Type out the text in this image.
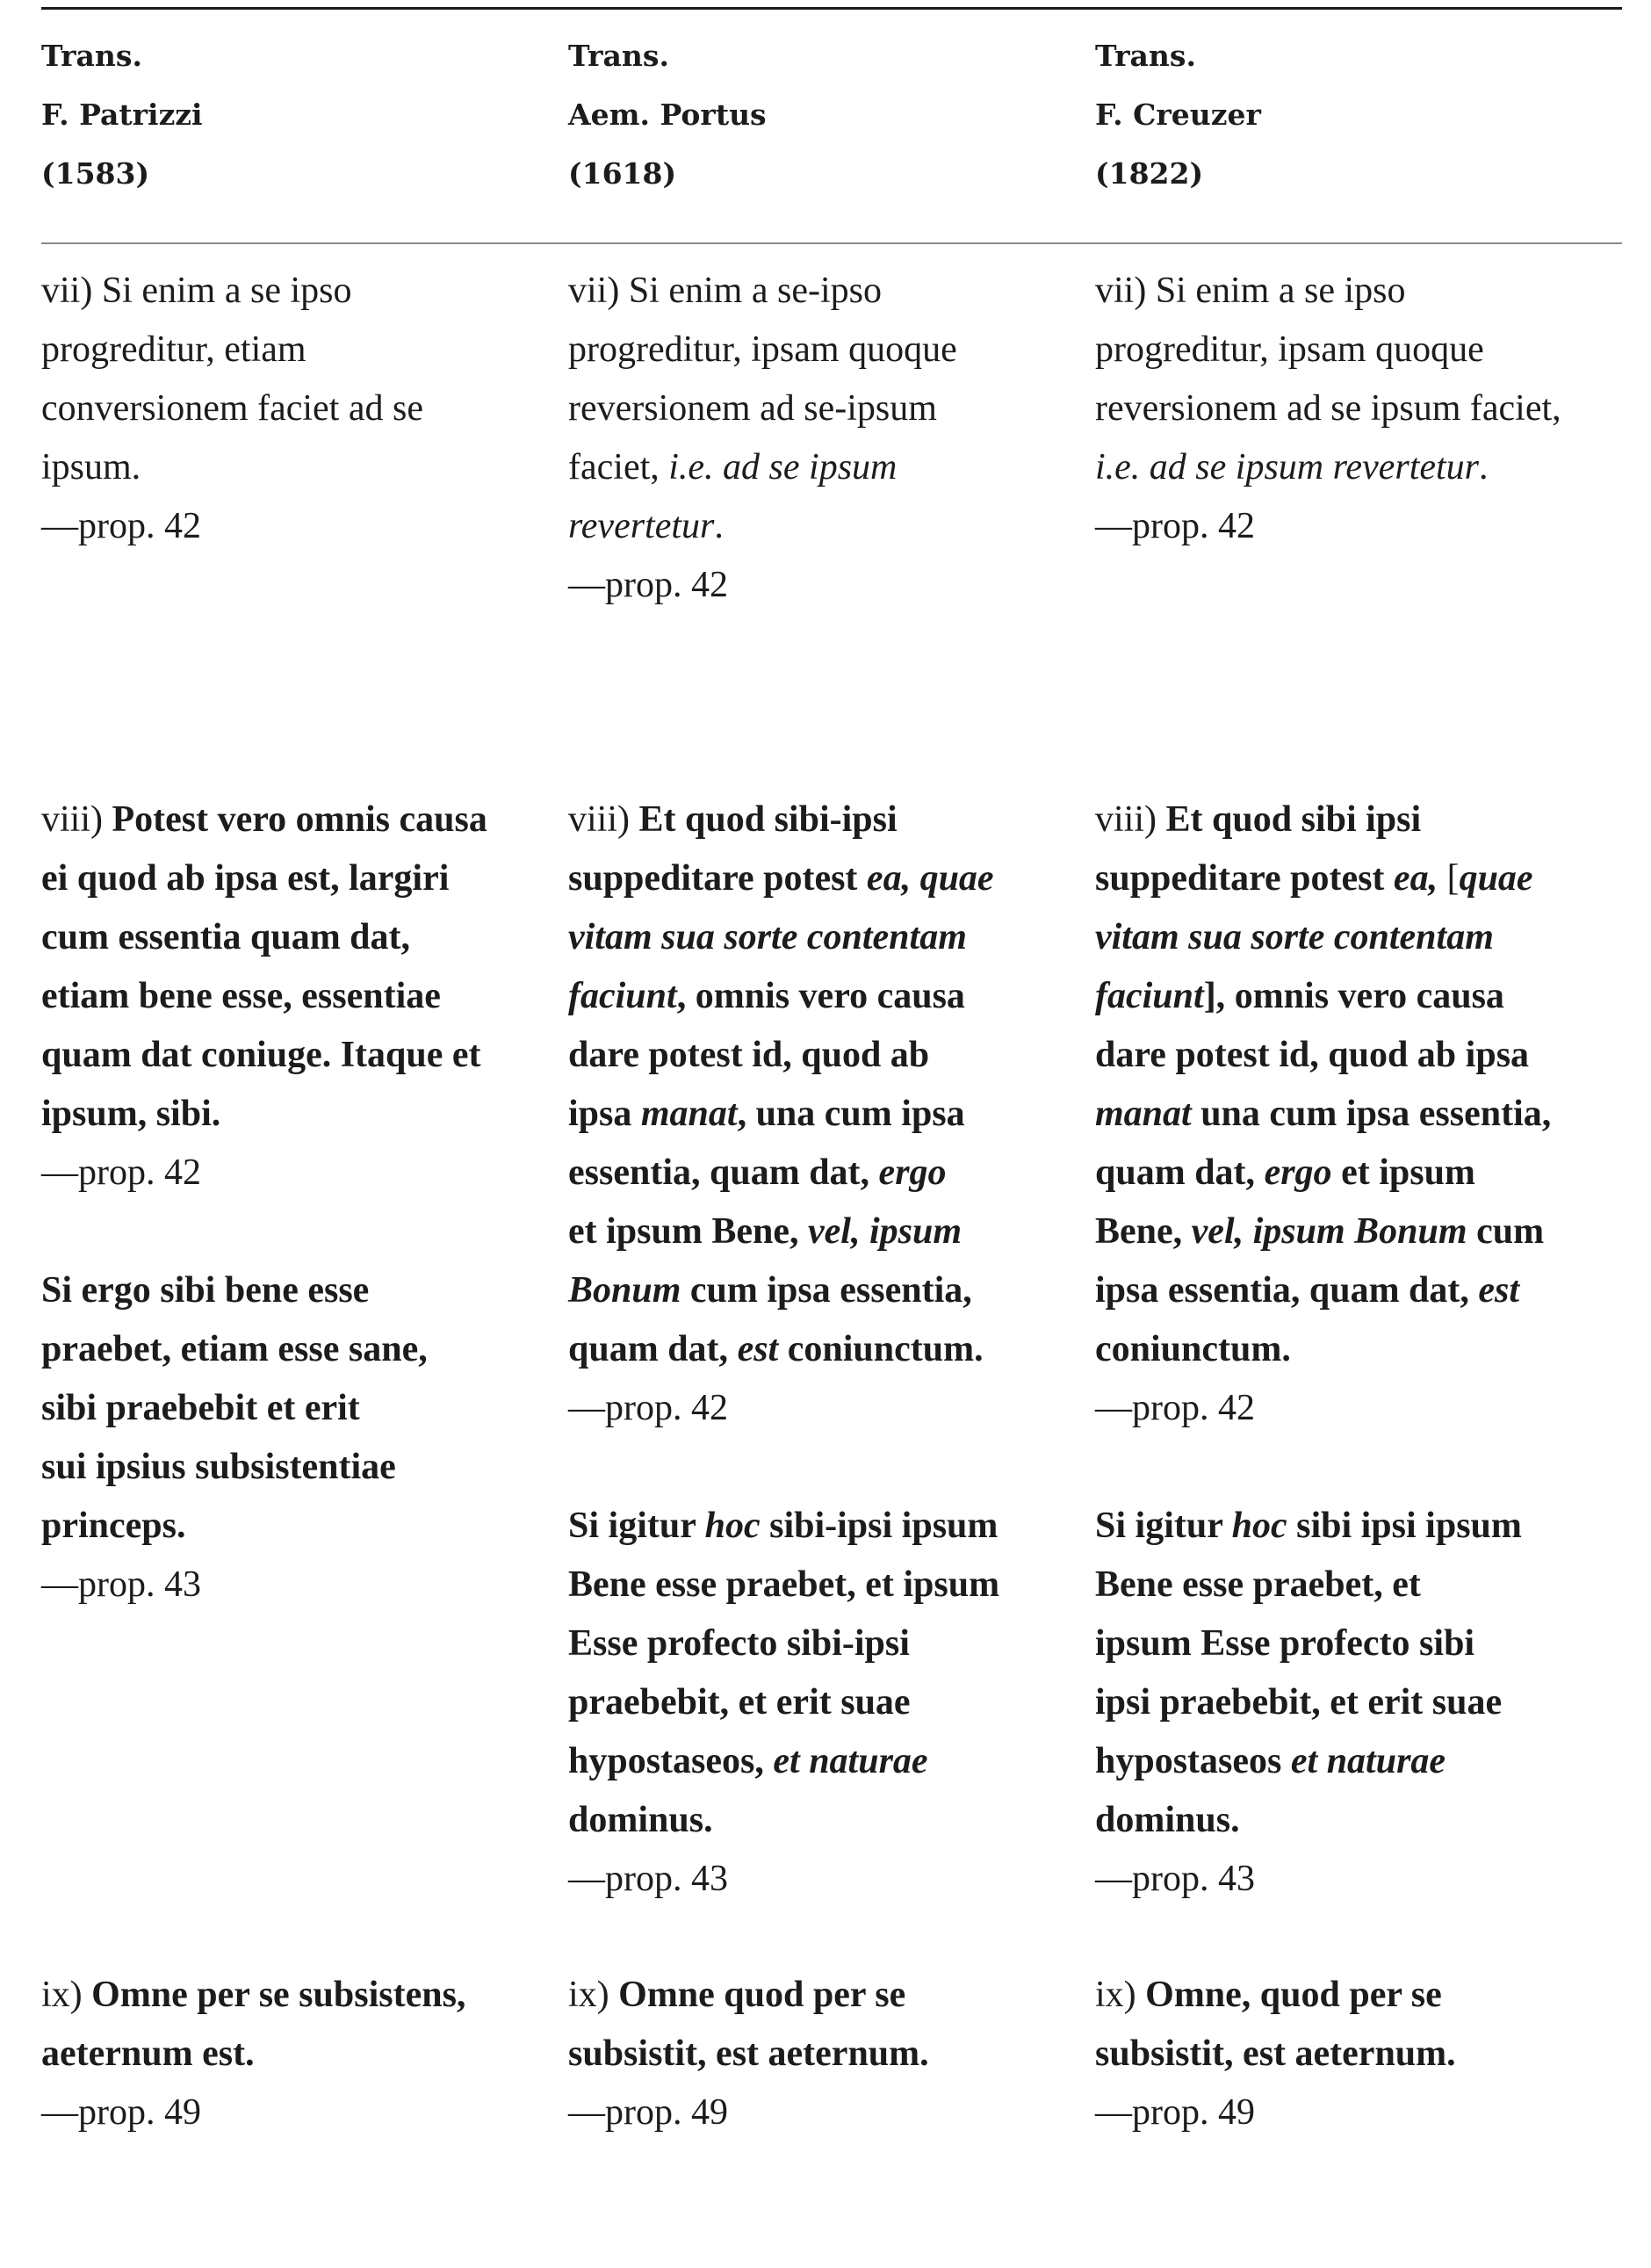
Trans.
F. Patrizzi
(1583)
Trans.
Aem. Portus
(1618)
Trans.
F. Creuzer
(1822)
vii) Si enim a se ipso
progreditur, etiam
conversionem faciet ad se
ipsum.
—prop. 42
vii) Si enim a se-ipso
progreditur, ipsam quoque
reversionem ad se-ipsum
faciet, i.e. ad se ipsum
revertetur.
—prop. 42
vii) Si enim a se ipso
progreditur, ipsam quoque
reversionem ad se ipsum faciet,
i.e. ad se ipsum revertetur.
—prop. 42
viii) Potest vero omnis causa
ei quod ab ipsa est, largiri
cum essentia quam dat,
etiam bene esse, essentiae
quam dat coniuge. Itaque et
ipsum, sibi.
—prop. 42
Si ergo sibi bene esse
praebet, etiam esse sane,
sibi praebebit et erit
sui ipsius subsistentiae
princeps.
—prop. 43
viii) Et quod sibi-ipsi
suppeditare potest ea, quae
vitam sua sorte contentam
faciunt, omnis vero causa
dare potest id, quod ab
ipsa manat, una cum ipsa
essentia, quam dat, ergo
et ipsum Bene, vel, ipsum
Bonum cum ipsa essentia,
quam dat, est coniunctum.
—prop. 42
Si igitur hoc sibi-ipsi ipsum
Bene esse praebet, et ipsum
Esse profecto sibi-ipsi
praebebit, et erit suae
hypostaseos, et naturae
dominus.
—prop. 43
viii) Et quod sibi ipsi
suppeditare potest ea, [quae
vitam sua sorte contentam
faciunt], omnis vero causa
dare potest id, quod ab ipsa
manat una cum ipsa essentia,
quam dat, ergo et ipsum
Bene, vel, ipsum Bonum cum
ipsa essentia, quam dat, est
coniunctum.
—prop. 42
Si igitur hoc sibi ipsi ipsum
Bene esse praebet, et
ipsum Esse profecto sibi
ipsi praebebit, et erit suae
hypostaseos et naturae
dominus.
—prop. 43
ix) Omne per se subsistens,
aeternum est.
—prop. 49
ix) Omne quod per se
subsistit, est aeternum.
—prop. 49
ix) Omne, quod per se
subsistit, est aeternum.
—prop. 49
